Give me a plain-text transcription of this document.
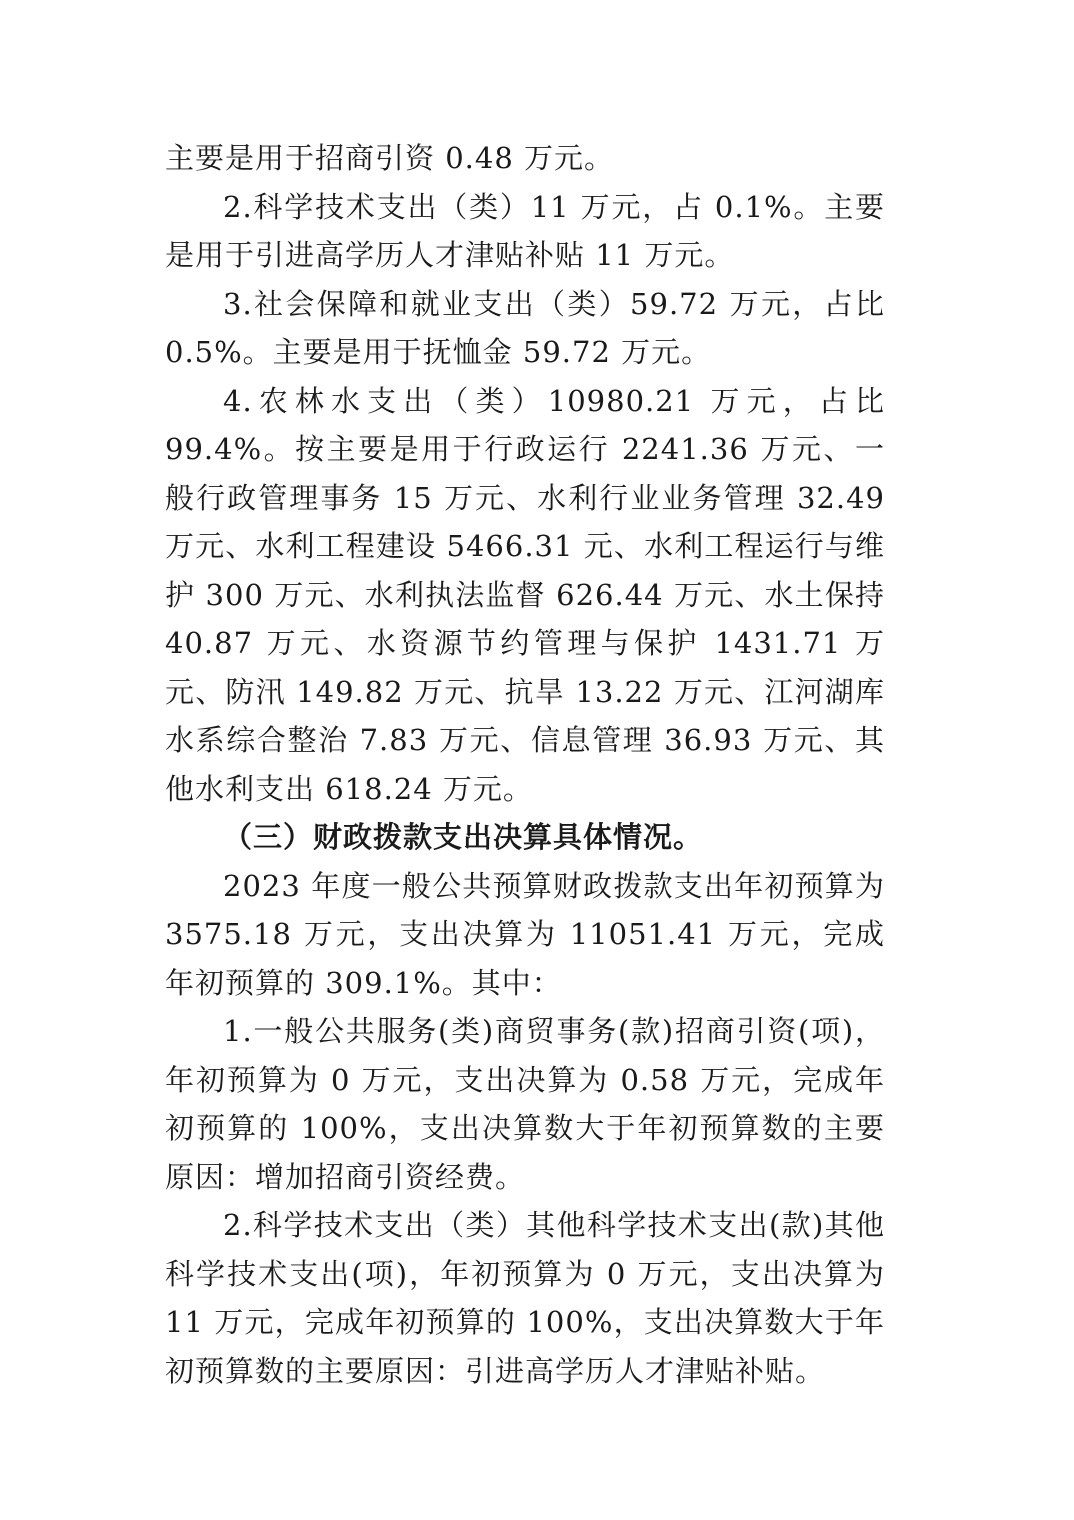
主要是用于招商引资 0.48 万元。

2.科学技术支出（类）11 万元，占 0.1%。主要是用于引进高学历人才津贴补贴 11 万元。

3.社会保障和就业支出（类）59.72 万元，占比 0.5%。主要是用于抚恤金 59.72 万元。

4.农林水支出（类）10980.21 万元，占比 99.4%。按主要是用于行政运行 2241.36 万元、一般行政管理事务 15 万元、水利行业业务管理 32.49 万元、水利工程建设 5466.31 元、水利工程运行与维护 300 万元、水利执法监督 626.44 万元、水土保持 40.87 万元、水资源节约管理与保护 1431.71 万元、防汛 149.82 万元、抗旱 13.22 万元、江河湖库水系综合整治 7.83 万元、信息管理 36.93 万元、其他水利支出 618.24 万元。

（三）财政拨款支出决算具体情况。

2023 年度一般公共预算财政拨款支出年初预算为 3575.18 万元，支出决算为 11051.41 万元，完成年初预算的 309.1%。其中：

1.一般公共服务(类)商贸事务(款)招商引资(项)，年初预算为 0 万元，支出决算为 0.58 万元，完成年初预算的 100%，支出决算数大于年初预算数的主要原因：增加招商引资经费。

2.科学技术支出（类）其他科学技术支出(款)其他科学技术支出(项)，年初预算为 0 万元，支出决算为 11 万元，完成年初预算的 100%，支出决算数大于年初预算数的主要原因：引进高学历人才津贴补贴。
